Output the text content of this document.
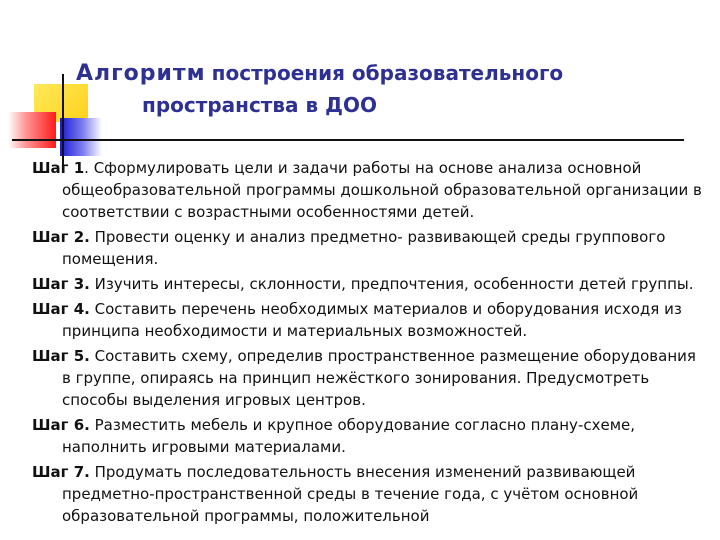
Алгоритм построения образовательного
пространства в ДОО
Шаг 1. Сформулировать цели и задачи работы на основе анализа основной общеобразовательной программы дошкольной образовательной организации в соответствии с возрастными особенностями детей.
Шаг 2. Провести оценку и анализ предметно- развивающей среды группового помещения.
Шаг 3. Изучить интересы, склонности, предпочтения, особенности детей группы.
Шаг 4. Составить перечень необходимых материалов и оборудования исходя из принципа необходимости и материальных возможностей.
Шаг 5. Составить схему, определив пространственное размещение оборудования в группе, опираясь на принцип нежёсткого зонирования. Предусмотреть способы выделения игровых центров.
Шаг 6. Разместить мебель и крупное оборудование согласно плану-схеме, наполнить игровыми материалами.
Шаг 7. Продумать последовательность внесения изменений развивающей предметно-пространственной среды в течение года, с учётом основной образовательной программы, положительной
